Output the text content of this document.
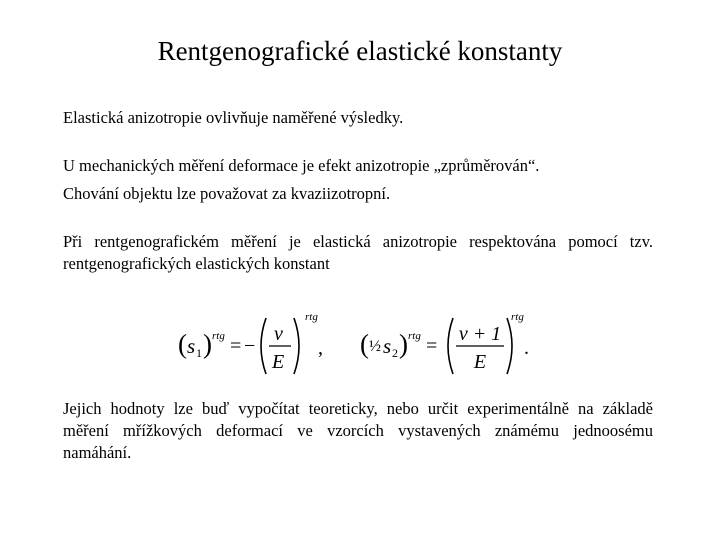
Rentgenografické elastické konstanty

Elastická anizotropie ovlivňuje naměřené výsledky.

U mechanických měření deformace je efekt anizotropie „zprůměrován“.

Chování objektu lze považovat za kvaziizotropní.

Při rentgenografickém měření je elastická anizotropie respektována pomocí tzv. rentgenografických elastických konstant

( s 1 ) rtg = −
ν
E
rtg
, ( ½ s 2 ) rtg =
ν + 1
E
rtg
.

Jejich hodnoty lze buď vypočítat teoreticky, nebo určit experimentálně na základě měření mřížkových deformací ve vzorcích vystavených známému jednoosému namáhání.
